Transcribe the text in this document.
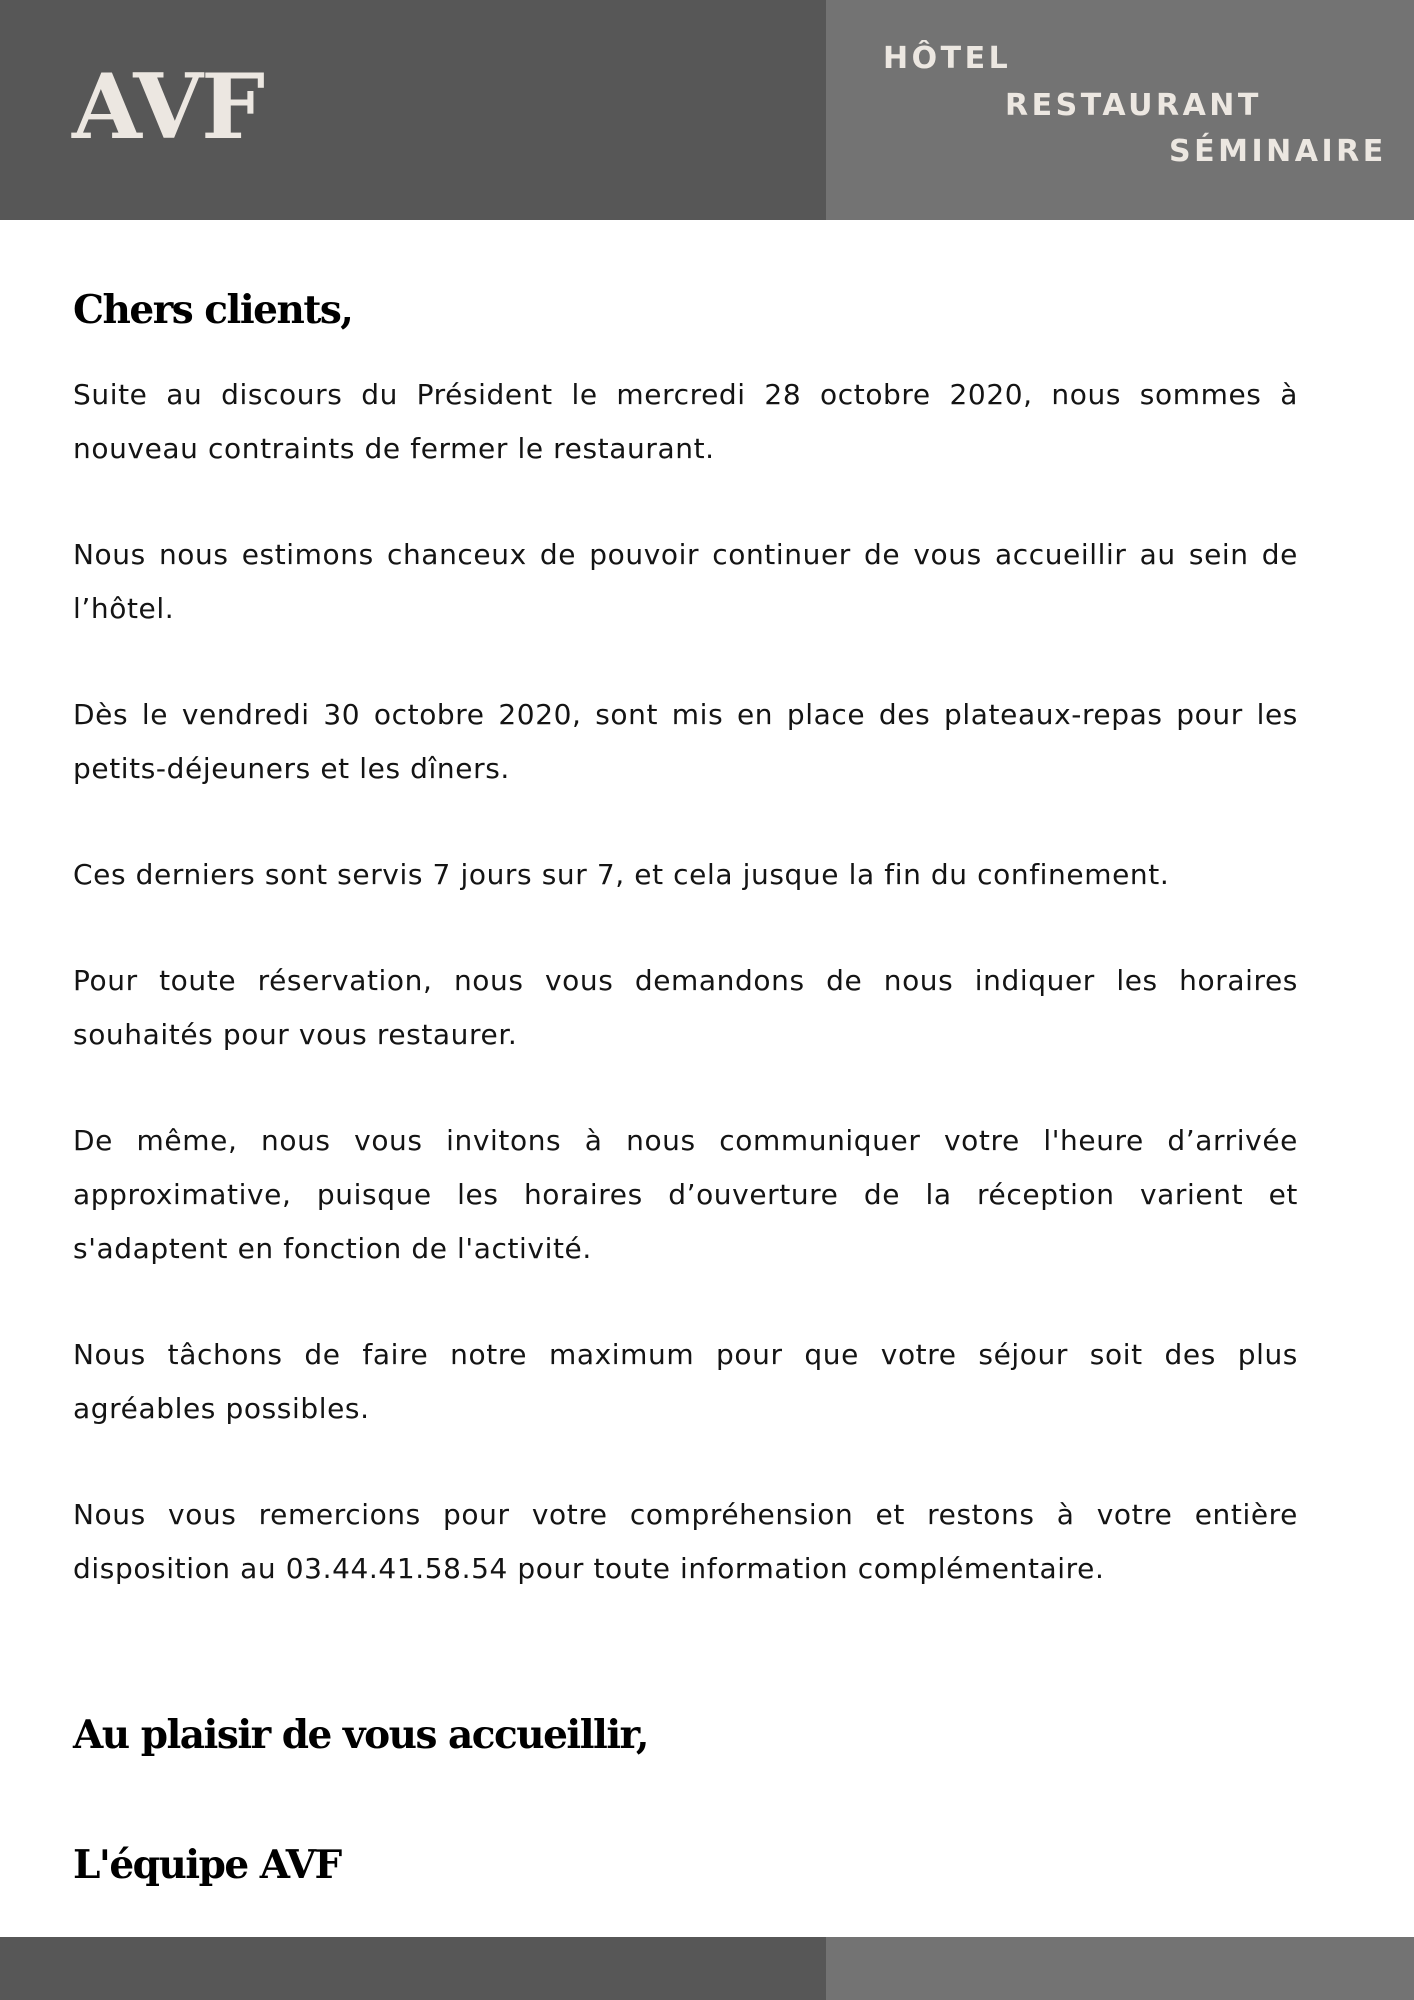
AVF	HÔTEL
RESTAURANT
SÉMINAIRE
Chers clients,

Suite au discours du Président le mercredi 28 octobre 2020, nous sommes à nouveau contraints de fermer le restaurant.

Nous nous estimons chanceux de pouvoir continuer de vous accueillir au sein de l’hôtel.

Dès le vendredi 30 octobre 2020, sont mis en place des plateaux-repas pour les petits-déjeuners et les dîners.

Ces derniers sont servis 7 jours sur 7, et cela jusque la fin du confinement.

Pour toute réservation, nous vous demandons de nous indiquer les horaires souhaités pour vous restaurer.

De même, nous vous invitons à nous communiquer votre l'heure d’arrivée approximative, puisque les horaires d’ouverture de la réception varient et s'adaptent en fonction de l'activité.

Nous tâchons de faire notre maximum pour que votre séjour soit des plus agréables possibles.

Nous vous remercions pour votre compréhension et restons à votre entière disposition au 03.44.41.58.54 pour toute information complémentaire.

Au plaisir de vous accueillir,
L'équipe AVF
